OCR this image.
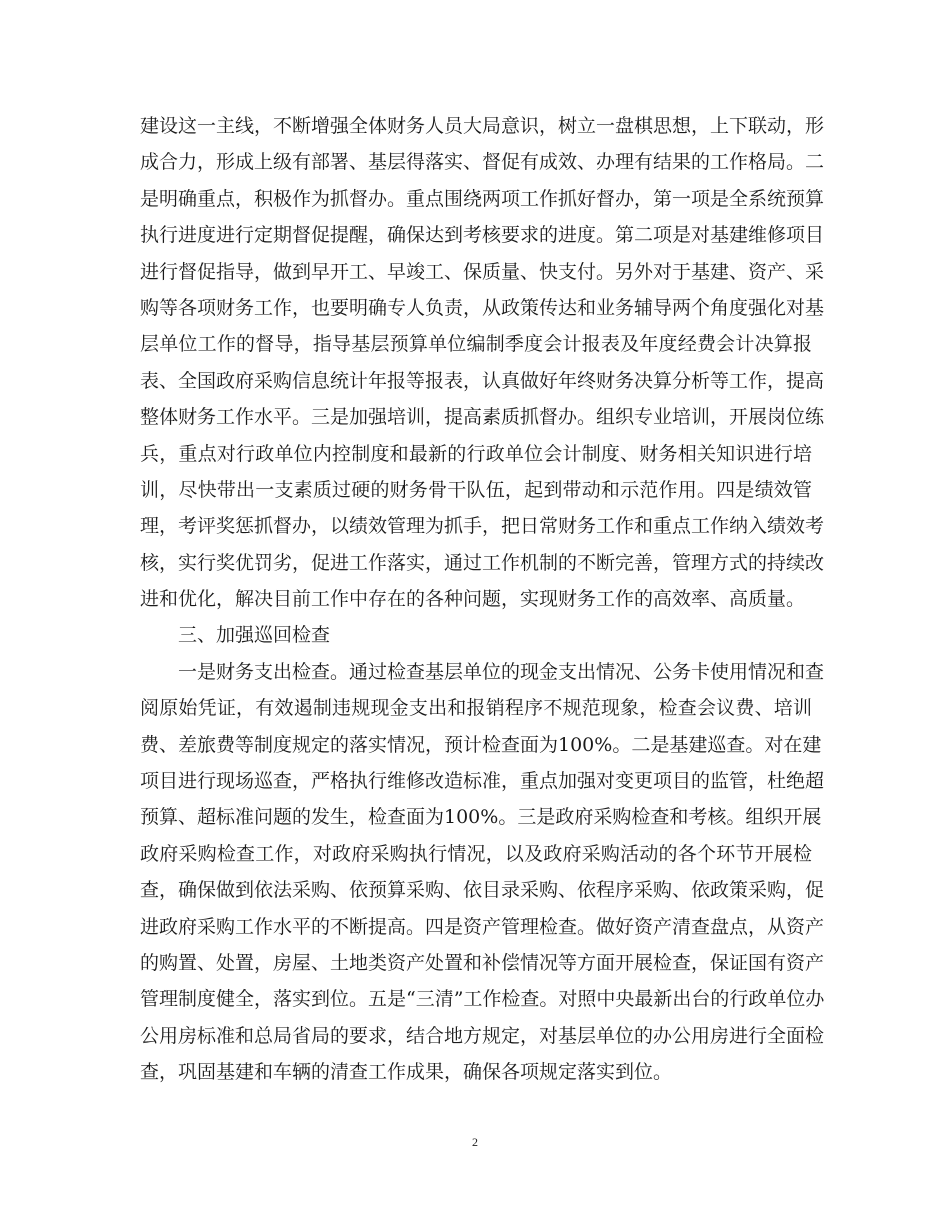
建设这一主线，不断增强全体财务人员大局意识，树立一盘棋思想，上下联动，形
成合力，形成上级有部署、基层得落实、督促有成效、办理有结果的工作格局。二
是明确重点，积极作为抓督办。重点围绕两项工作抓好督办，第一项是全系统预算
执行进度进行定期督促提醒，确保达到考核要求的进度。第二项是对基建维修项目
进行督促指导，做到早开工、早竣工、保质量、快支付。另外对于基建、资产、采
购等各项财务工作，也要明确专人负责，从政策传达和业务辅导两个角度强化对基
层单位工作的督导，指导基层预算单位编制季度会计报表及年度经费会计决算报
表、全国政府采购信息统计年报等报表，认真做好年终财务决算分析等工作，提高
整体财务工作水平。三是加强培训，提高素质抓督办。组织专业培训，开展岗位练
兵，重点对行政单位内控制度和最新的行政单位会计制度、财务相关知识进行培
训，尽快带出一支素质过硬的财务骨干队伍，起到带动和示范作用。四是绩效管
理，考评奖惩抓督办，以绩效管理为抓手，把日常财务工作和重点工作纳入绩效考
核，实行奖优罚劣，促进工作落实，通过工作机制的不断完善，管理方式的持续改
进和优化，解决目前工作中存在的各种问题，实现财务工作的高效率、高质量。
三、加强巡回检查
一是财务支出检查。通过检查基层单位的现金支出情况、公务卡使用情况和查
阅原始凭证，有效遏制违规现金支出和报销程序不规范现象，检查会议费、培训
费、差旅费等制度规定的落实情况，预计检查面为100%。二是基建巡查。对在建
项目进行现场巡查，严格执行维修改造标准，重点加强对变更项目的监管，杜绝超
预算、超标准问题的发生，检查面为100%。三是政府采购检查和考核。组织开展
政府采购检查工作，对政府采购执行情况，以及政府采购活动的各个环节开展检
查，确保做到依法采购、依预算采购、依目录采购、依程序采购、依政策采购，促
进政府采购工作水平的不断提高。四是资产管理检查。做好资产清查盘点，从资产
的购置、处置，房屋、土地类资产处置和补偿情况等方面开展检查，保证国有资产
管理制度健全，落实到位。五是“三清”工作检查。对照中央最新出台的行政单位办
公用房标准和总局省局的要求，结合地方规定，对基层单位的办公用房进行全面检
查，巩固基建和车辆的清查工作成果，确保各项规定落实到位。
2
